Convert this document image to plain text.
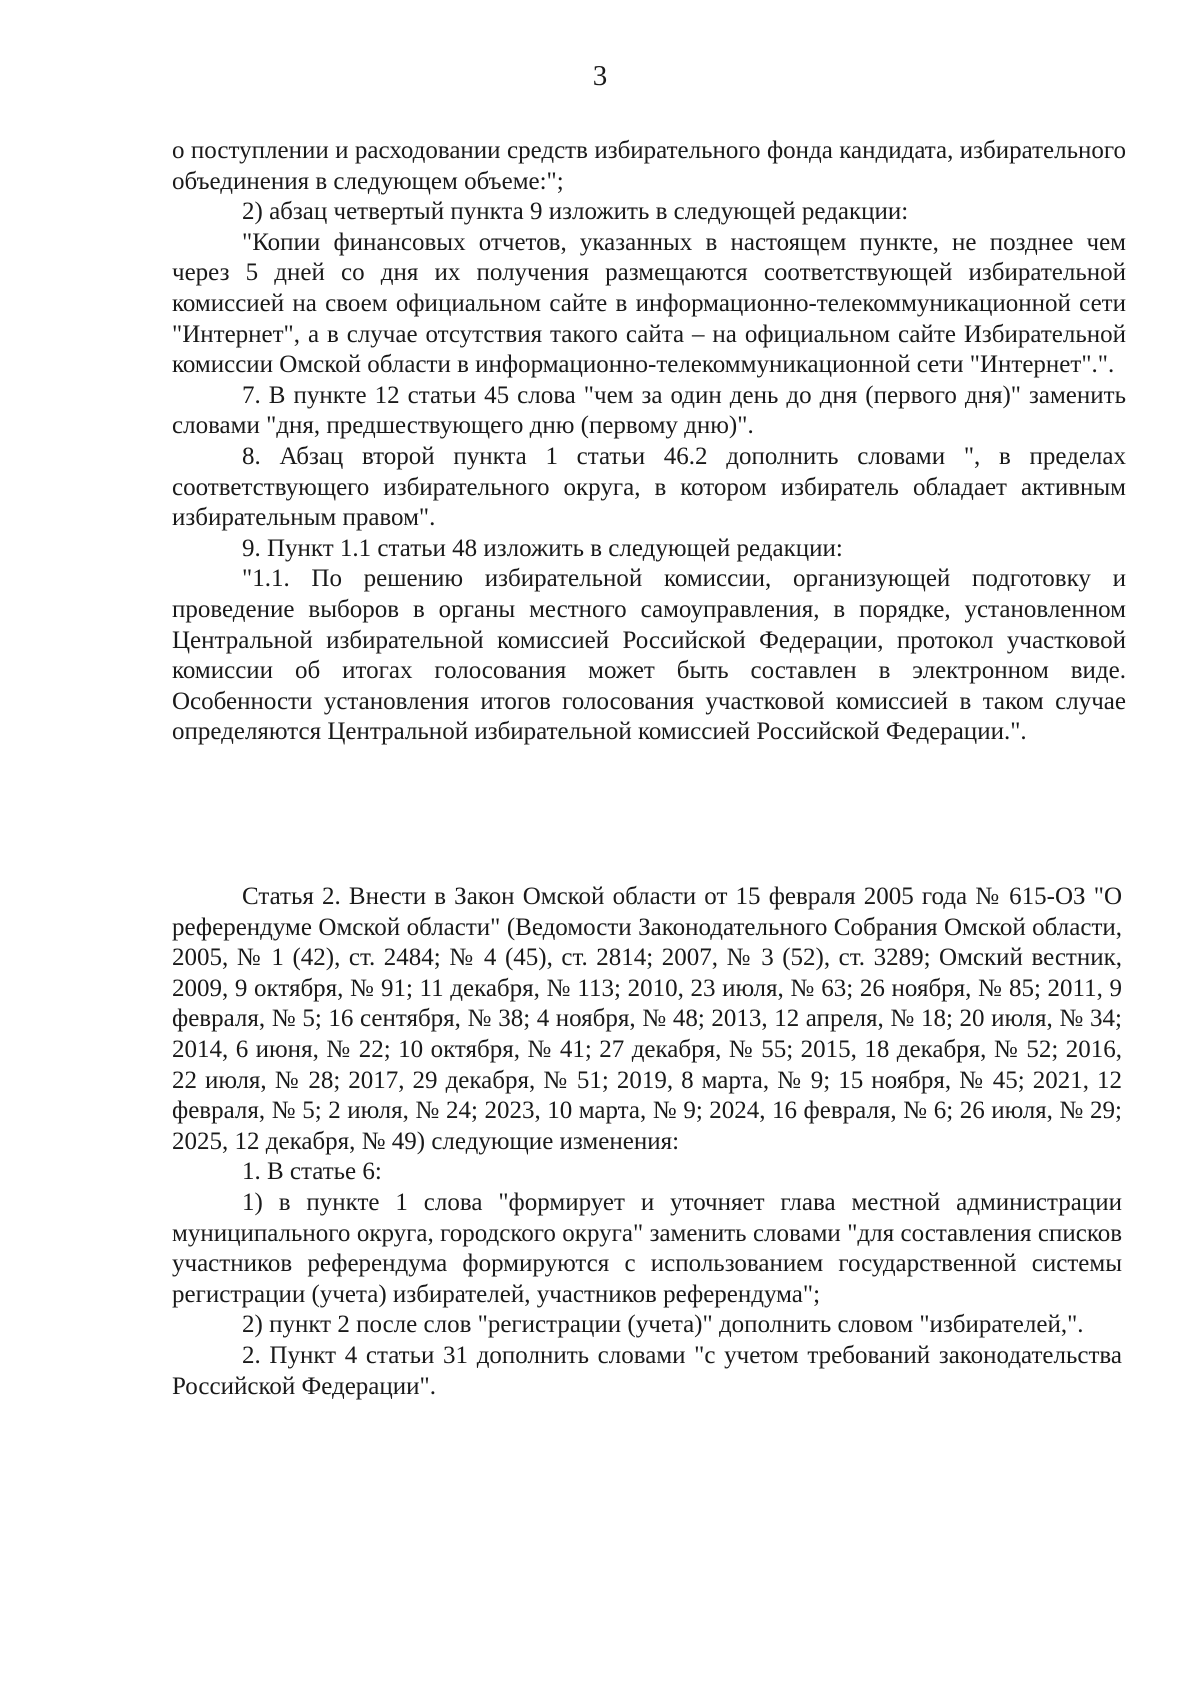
3

о поступлении и расходовании средств избирательного фонда кандидата, избирательного объединения в следующем объеме:";

2) абзац четвертый пункта 9 изложить в следующей редакции:

"Копии финансовых отчетов, указанных в настоящем пункте, не позднее чем через 5 дней со дня их получения размещаются соответствующей избирательной комиссией на своем официальном сайте в информационно-телекоммуникационной сети "Интернет", а в случае отсутствия такого сайта – на официальном сайте Избирательной комиссии Омской области в информационно-телекоммуникационной сети "Интернет".".

7. В пункте 12 статьи 45 слова "чем за один день до дня (первого дня)" заменить словами "дня, предшествующего дню (первому дню)".

8. Абзац второй пункта 1 статьи 46.2 дополнить словами ", в пределах соответствующего избирательного округа, в котором избиратель обладает активным избирательным правом".

9. Пункт 1.1 статьи 48 изложить в следующей редакции:

"1.1. По решению избирательной комиссии, организующей подготовку и проведение выборов в органы местного самоуправления, в порядке, установленном Центральной избирательной комиссией Российской Федерации, протокол участковой комиссии об итогах голосования может быть составлен в электронном виде. Особенности установления итогов голосования участковой комиссией в таком случае определяются Центральной избирательной комиссией Российской Федерации.".

Статья 2. Внести в Закон Омской области от 15 февраля 2005 года № 615-ОЗ "О референдуме Омской области" (Ведомости Законодательного Собрания Омской области, 2005, № 1 (42), ст. 2484; № 4 (45), ст. 2814; 2007, № 3 (52), ст. 3289; Омский вестник, 2009, 9 октября, № 91; 11 декабря, № 113; 2010, 23 июля, № 63; 26 ноября, № 85; 2011, 9 февраля, № 5; 16 сентября, № 38; 4 ноября, № 48; 2013, 12 апреля, № 18; 20 июля, № 34; 2014, 6 июня, № 22; 10 октября, № 41; 27 декабря, № 55; 2015, 18 декабря, № 52; 2016, 22 июля, № 28; 2017, 29 декабря, № 51; 2019, 8 марта, № 9; 15 ноября, № 45; 2021, 12 февраля, № 5; 2 июля, № 24; 2023, 10 марта, № 9; 2024, 16 февраля, № 6; 26 июля, № 29; 2025, 12 декабря, № 49) следующие изменения:

1. В статье 6:

1) в пункте 1 слова "формирует и уточняет глава местной администрации муниципального округа, городского округа" заменить словами "для составления списков участников референдума формируются с использованием государственной системы регистрации (учета) избирателей, участников референдума";

2) пункт 2 после слов "регистрации (учета)" дополнить словом "избирателей,".

2. Пункт 4 статьи 31 дополнить словами "с учетом требований законодательства Российской Федерации".
